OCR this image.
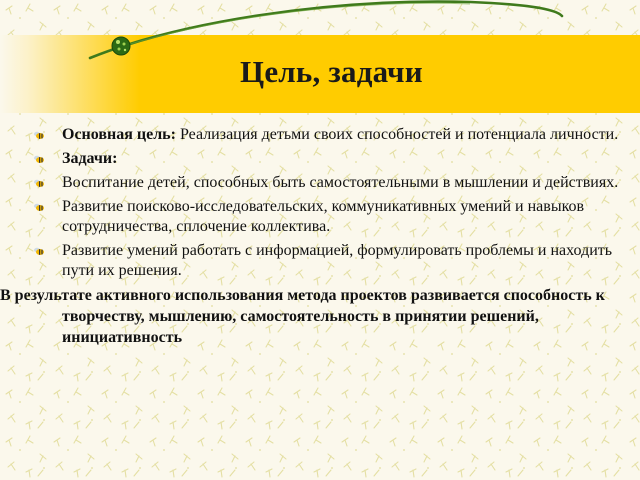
Цель, задачи
Основная цель: Реализация детьми своих способностей и потенциала личности.
Задачи:
Воспитание детей, способных быть самостоятельными в мышлении и действиях.
Развитие поисково-исследовательских, коммуникативных умений и навыков сотрудничества, сплочение коллектива.
Развитие умений работать с информацией, формулировать проблемы и находить пути их решения.
В результате активного использования метода проектов развивается способность к творчеству, мышлению, самостоятельность в принятии решений, инициативность
